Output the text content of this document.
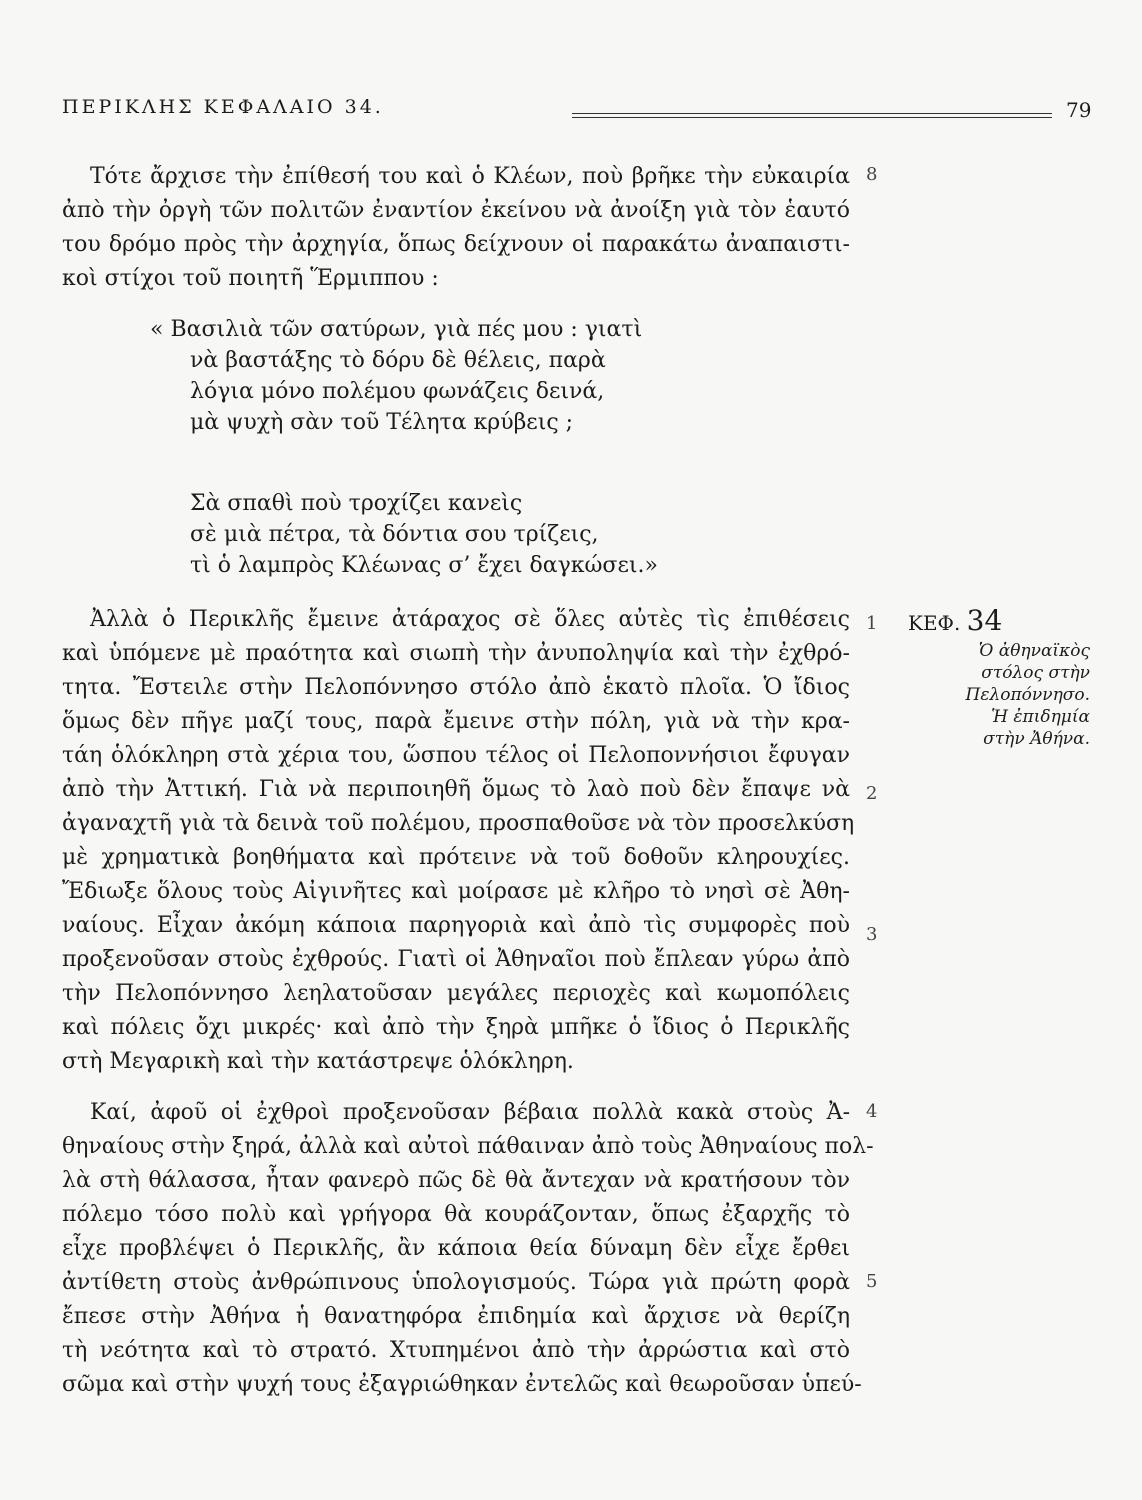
ΠΕΡΙΚΛΗΣ ΚΕΦΑΛΑΙΟ 34.	79
Τότε ἄρχισε τὴν ἐπίθεσή του καὶ ὁ Κλέων, ποὺ βρῆκε τὴν εὐκαιρία
ἀπὸ τὴν ὀργὴ τῶν πολιτῶν ἐναντίον ἐκείνου νὰ ἀνοίξη γιὰ τὸν ἑαυτό
του δρόμο πρὸς τὴν ἀρχηγία, ὅπως δείχνουν οἱ παρακάτω ἀναπαιστι-
κοὶ στίχοι τοῦ ποιητῆ Ἕρμιππου :
« Βασιλιὰ τῶν σατύρων, γιὰ πές μου : γιατὶ
νὰ βαστάξης τὸ δόρυ δὲ θέλεις, παρὰ
λόγια μόνο πολέμου φωνάζεις δεινά,
μὰ ψυχὴ σὰν τοῦ Τέλητα κρύβεις ;
Σὰ σπαθὶ ποὺ τροχίζει κανεὶς
σὲ μιὰ πέτρα, τὰ δόντια σου τρίζεις,
τὶ ὁ λαμπρὸς Κλέωνας σ’ ἔχει δαγκώσει.»
Ἀλλὰ ὁ Περικλῆς ἔμεινε ἀτάραχος σὲ ὅλες αὐτὲς τὶς ἐπιθέσεις
καὶ ὑπόμενε μὲ πραότητα καὶ σιωπὴ τὴν ἀνυποληψία καὶ τὴν ἐχθρό-
τητα. Ἔστειλε στὴν Πελοπόννησο στόλο ἀπὸ ἑκατὸ πλοῖα. Ὁ ἴδιος
ὅμως δὲν πῆγε μαζί τους, παρὰ ἔμεινε στὴν πόλη, γιὰ νὰ τὴν κρα-
τάη ὁλόκληρη στὰ χέρια του, ὥσπου τέλος οἱ Πελοποννήσιοι ἔφυγαν
ἀπὸ τὴν Ἀττική. Γιὰ νὰ περιποιηθῆ ὅμως τὸ λαὸ ποὺ δὲν ἔπαψε νὰ
ἀγαναχτῆ γιὰ τὰ δεινὰ τοῦ πολέμου, προσπαθοῦσε νὰ τὸν προσελκύση
μὲ χρηματικὰ βοηθήματα καὶ πρότεινε νὰ τοῦ δοθοῦν κληρουχίες.
Ἔδιωξε ὅλους τοὺς Αἰγινῆτες καὶ μοίρασε μὲ κλῆρο τὸ νησὶ σὲ Ἀθη-
ναίους. Εἶχαν ἀκόμη κάποια παρηγοριὰ καὶ ἀπὸ τὶς συμφορὲς ποὺ
προξενοῦσαν στοὺς ἐχθρούς. Γιατὶ οἱ Ἀθηναῖοι ποὺ ἔπλεαν γύρω ἀπὸ
τὴν Πελοπόννησο λεηλατοῦσαν μεγάλες περιοχὲς καὶ κωμοπόλεις
καὶ πόλεις ὄχι μικρές· καὶ ἀπὸ τὴν ξηρὰ μπῆκε ὁ ἴδιος ὁ Περικλῆς
στὴ Μεγαρικὴ καὶ τὴν κατάστρεψε ὁλόκληρη.
Καί, ἀφοῦ οἱ ἐχθροὶ προξενοῦσαν βέβαια πολλὰ κακὰ στοὺς Ἀ-
θηναίους στὴν ξηρά, ἀλλὰ καὶ αὐτοὶ πάθαιναν ἀπὸ τοὺς Ἀθηναίους πολ-
λὰ στὴ θάλασσα, ἦταν φανερὸ πῶς δὲ θὰ ἄντεχαν νὰ κρατήσουν τὸν
πόλεμο τόσο πολὺ καὶ γρήγορα θὰ κουράζονταν, ὅπως ἐξαρχῆς τὸ
εἶχε προβλέψει ὁ Περικλῆς, ἂν κάποια θεία δύναμη δὲν εἶχε ἔρθει
ἀντίθετη στοὺς ἀνθρώπινους ὑπολογισμούς. Τώρα γιὰ πρώτη φορὰ
ἔπεσε στὴν Ἀθήνα ἡ θανατηφόρα ἐπιδημία καὶ ἄρχισε νὰ θερίζη
τὴ νεότητα καὶ τὸ στρατό. Χτυπημένοι ἀπὸ τὴν ἀρρώστια καὶ στὸ
σῶμα καὶ στὴν ψυχή τους ἐξαγριώθηκαν ἐντελῶς καὶ θεωροῦσαν ὑπεύ-
8
1
2
3
4
5
ΚΕΦ. 34
Ὁ ἀθηναϊκὸς
στόλος στὴν
Πελοπόννησο.
Ἡ ἐπιδημία
στὴν Ἀθήνα.
